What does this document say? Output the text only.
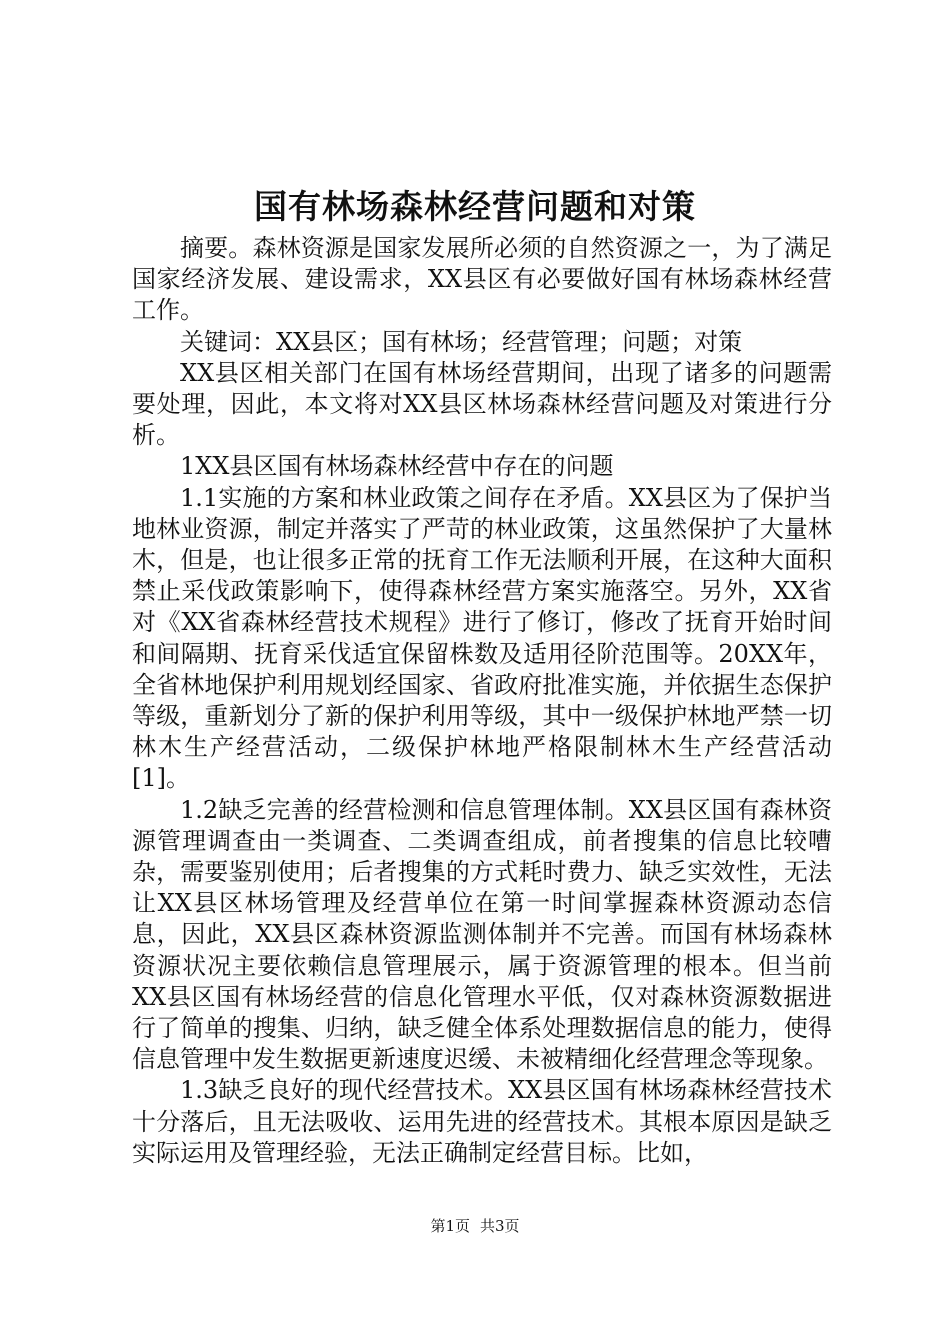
国有林场森林经营问题和对策

摘要。森林资源是国家发展所必须的自然资源之一，为了满足国家经济发展、建设需求，XX县区有必要做好国有林场森林经营工作。

关键词：XX县区；国有林场；经营管理；问题；对策

XX县区相关部门在国有林场经营期间，出现了诸多的问题需要处理，因此，本文将对XX县区林场森林经营问题及对策进行分析。

1XX县区国有林场森林经营中存在的问题

1.1实施的方案和林业政策之间存在矛盾。XX县区为了保护当地林业资源，制定并落实了严苛的林业政策，这虽然保护了大量林木，但是，也让很多正常的抚育工作无法顺利开展，在这种大面积禁止采伐政策影响下，使得森林经营方案实施落空。另外，XX省对《XX省森林经营技术规程》进行了修订，修改了抚育开始时间和间隔期、抚育采伐适宜保留株数及适用径阶范围等。20XX年，全省林地保护利用规划经国家、省政府批准实施，并依据生态保护等级，重新划分了新的保护利用等级，其中一级保护林地严禁一切林木生产经营活动，二级保护林地严格限制林木生产经营活动[1]。

1.2缺乏完善的经营检测和信息管理体制。XX县区国有森林资源管理调查由一类调查、二类调查组成，前者搜集的信息比较嘈杂，需要鉴别使用；后者搜集的方式耗时费力、缺乏实效性，无法让XX县区林场管理及经营单位在第一时间掌握森林资源动态信息，因此，XX县区森林资源监测体制并不完善。而国有林场森林资源状况主要依赖信息管理展示，属于资源管理的根本。但当前XX县区国有林场经营的信息化管理水平低，仅对森林资源数据进行了简单的搜集、归纳，缺乏健全体系处理数据信息的能力，使得信息管理中发生数据更新速度迟缓、未被精细化经营理念等现象。

1.3缺乏良好的现代经营技术。XX县区国有林场森林经营技术十分落后，且无法吸收、运用先进的经营技术。其根本原因是缺乏实际运用及管理经验，无法正确制定经营目标。比如，

第1页 共3页
